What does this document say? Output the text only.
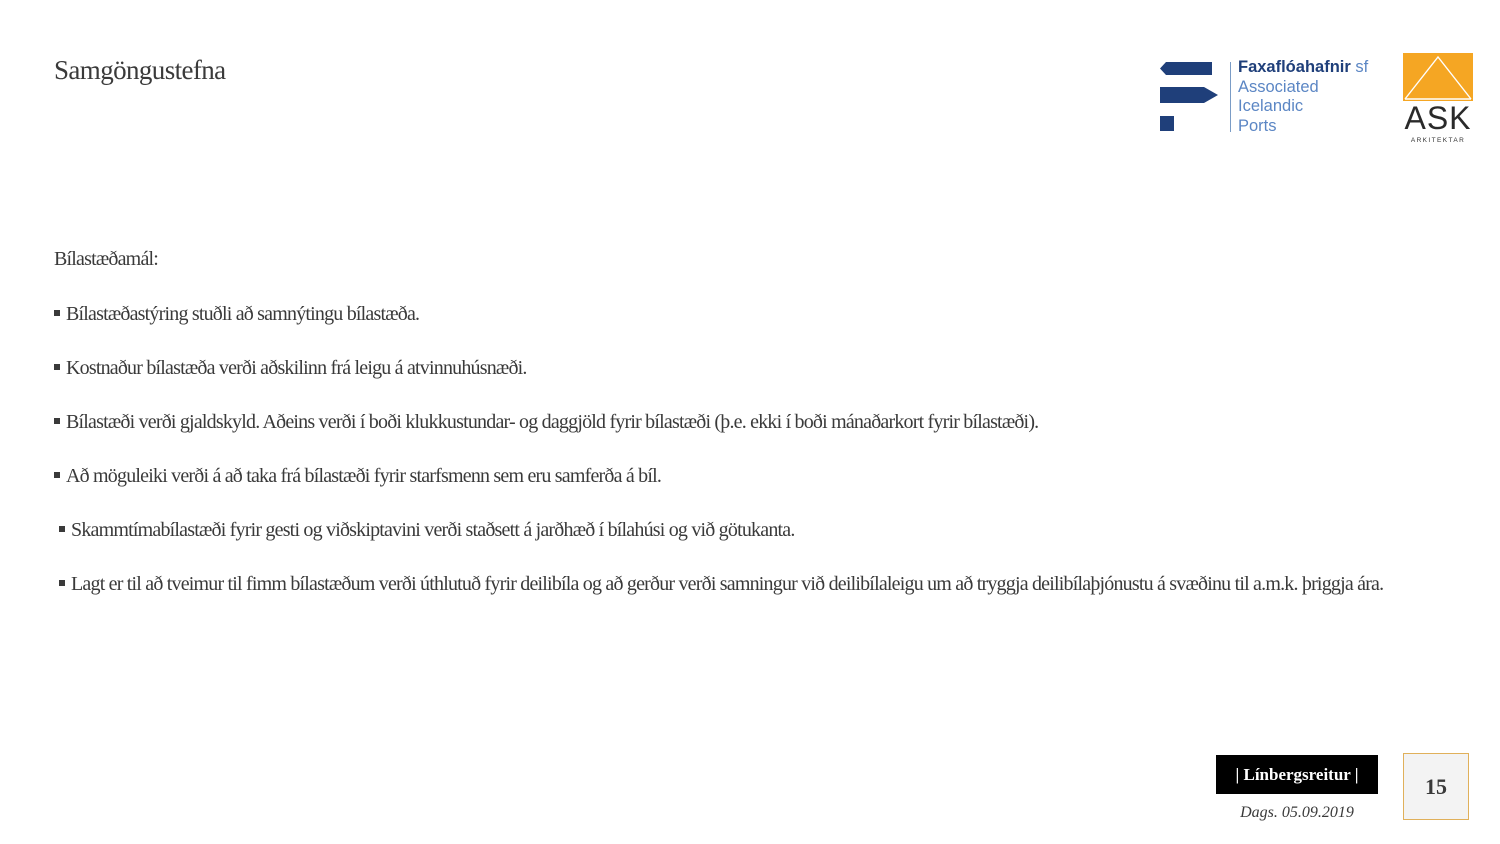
Samgöngustefna	Faxaflóahafnir sf
Associated
Icelandic
Ports	ASK
ARKITEKTAR

Bílastæðamál:

Bílastæðastýring stuðli að samnýtingu bílastæða.

Kostnaður bílastæða verði aðskilinn frá leigu á atvinnuhúsnæði.

Bílastæði verði gjaldskyld. Aðeins verði í boði klukkustundar- og daggjöld fyrir bílastæði (þ.e. ekki í boði mánaðarkort fyrir bílastæði).

Að möguleiki verði á að taka frá bílastæði fyrir starfsmenn sem eru samferða á bíl.

Skammtímabílastæði fyrir gesti og viðskiptavini verði staðsett á jarðhæð í bílahúsi og við götukanta.

Lagt er til að tveimur til fimm bílastæðum verði úthlutuð fyrir deilibíla og að gerður verði samningur við deilibílaleigu um að tryggja deilibílaþjónustu á svæðinu til a.m.k. þriggja ára.

| Línbergsreitur |
Dags. 05.09.2019
15
